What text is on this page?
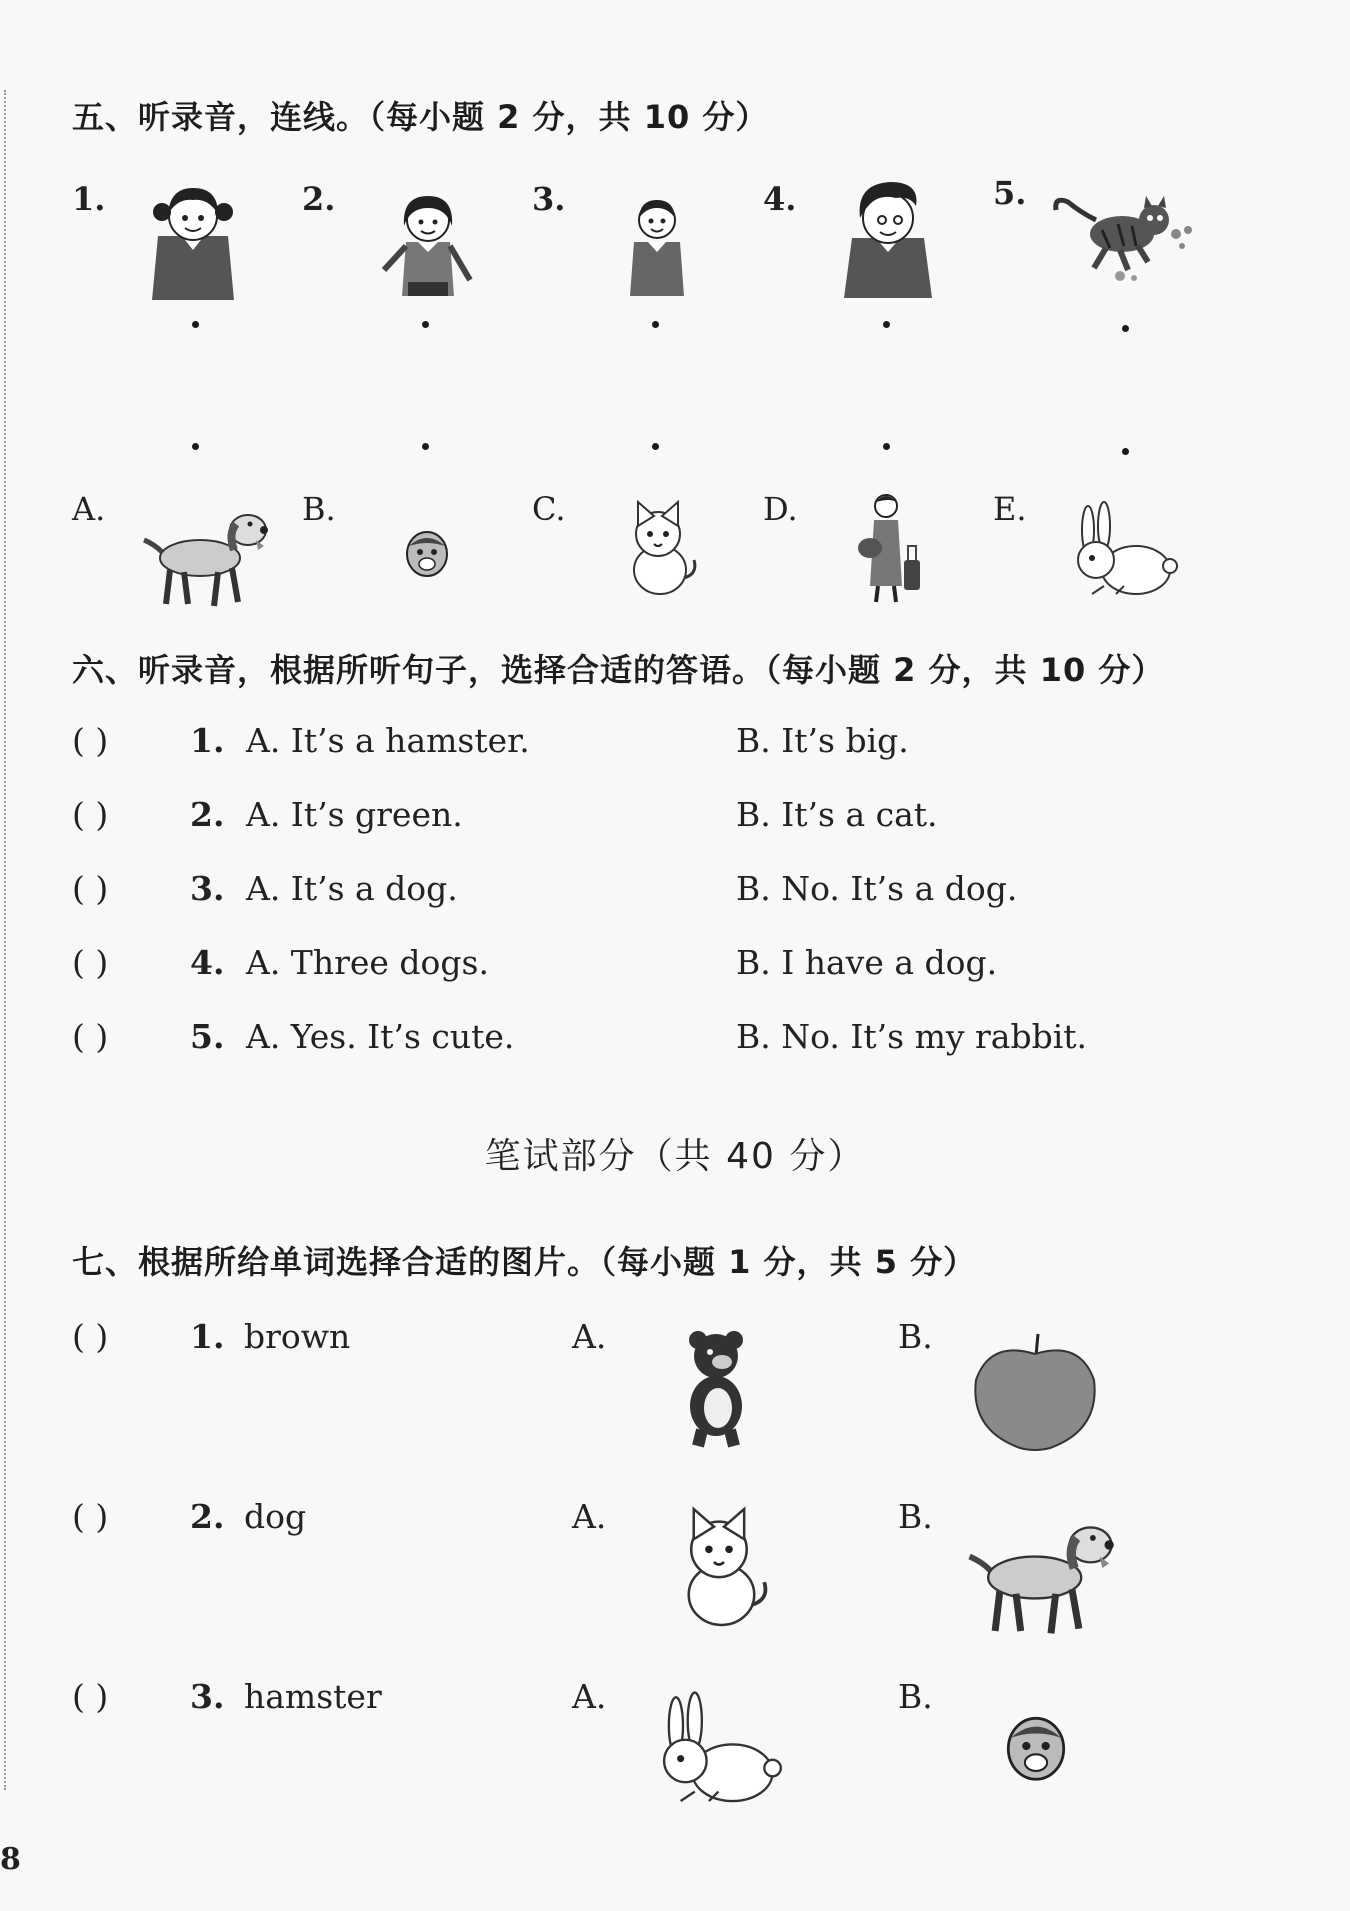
五、听录音，连线。（每小题 2 分，共 10 分）
1.	2.	3.	4.	5.
A.	B.	C.	D.	E.
六、听录音，根据所听句子，选择合适的答语。（每小题 2 分，共 10 分）
( ) 1. A. It’s a hamster.	B. It’s big.
( ) 2. A. It’s green.	B. It’s a cat.
( ) 3. A. It’s a dog.	B. No. It’s a dog.
( ) 4. A. Three dogs.	B. I have a dog.
( ) 5. A. Yes. It’s cute.	B. No. It’s my rabbit.
笔试部分（共 40 分）
七、根据所给单词选择合适的图片。（每小题 1 分，共 5 分）
( ) 1. brown	A.	B.
( ) 2. dog	A.	B.
( ) 3. hamster	A.	B.
8
